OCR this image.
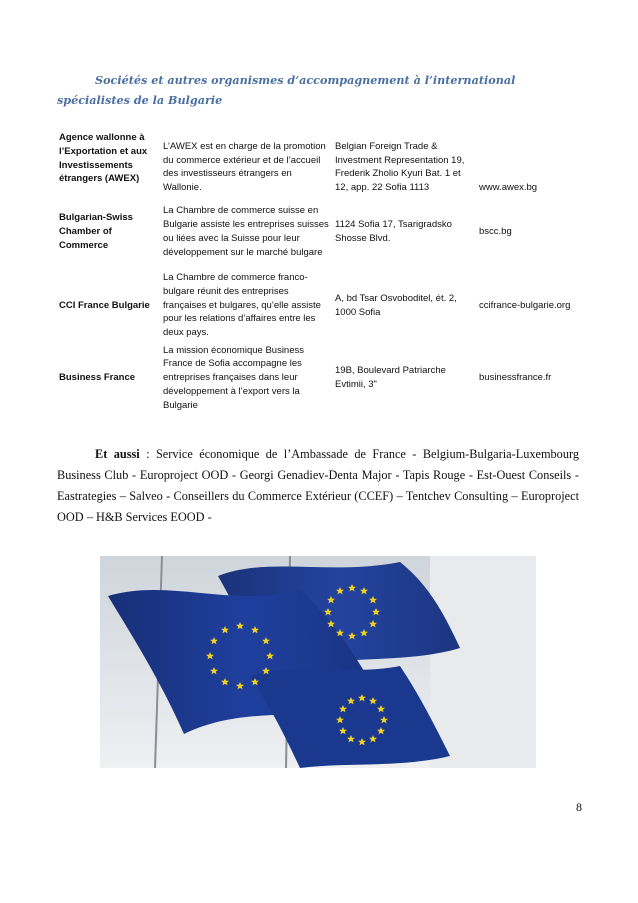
Sociétés et autres organismes d’accompagnement à l’international spécialistes de la Bulgarie

Agence wallonne à l’Exportation et aux Investissements étrangers (AWEX)	L’AWEX est en charge de la promotion du commerce extérieur et de l’accueil des investisseurs étrangers en Wallonie.	Belgian Foreign Trade & Investment Representation 19, Frederik Zholio Kyuri Bat. 1 et 12, app. 22 Sofia 1113	www.awex.bg
Bulgarian-Swiss Chamber of Commerce	La Chambre de commerce suisse en Bulgarie assiste les entreprises suisses ou liées avec la Suisse pour leur développement sur le marché bulgare	1124 Sofia 17, Tsarigradsko Shosse Blvd.	bscc.bg
CCI France Bulgarie	La Chambre de commerce franco-bulgare réunit des entreprises françaises et bulgares, qu’elle assiste pour les relations d’affaires entre les deux pays.	A, bd Tsar Osvoboditel, ét. 2, 1000 Sofia	ccifrance-bulgarie.org
Business France	La mission économique Business France de Sofia accompagne les entreprises françaises dans leur développement à l’export vers la Bulgarie	19B, Boulevard Patriarche Evtimii, 3"	businessfrance.fr

Et aussi : Service économique de l’Ambassade de France - Belgium-Bulgaria-Luxembourg Business Club - Europroject OOD - Georgi Genadiev-Denta Major - Tapis Rouge - Est-Ouest Conseils - Eastrategies – Salveo - Conseillers du Commerce Extérieur (CCEF) – Tentchev Consulting – Europroject OOD – H&B Services EOOD -

8
